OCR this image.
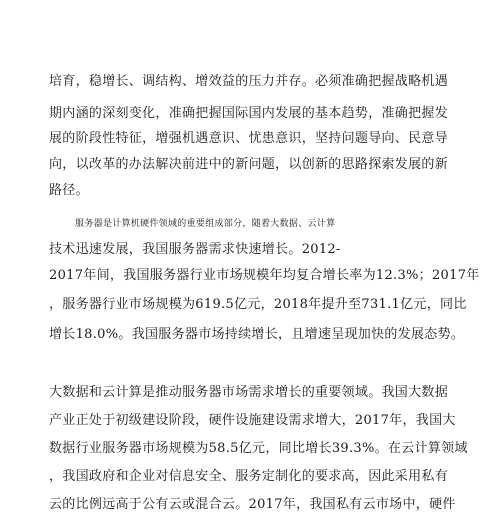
培育，稳增长、调结构、增效益的压力并存。必须准确把握战略机遇
期内涵的深刻变化，准确把握国际国内发展的基本趋势，准确把握发
展的阶段性特征，增强机遇意识、忧患意识，坚持问题导向、民意导
向，以改革的办法解决前进中的新问题，以创新的思路探索发展的新
路径。
服务器是计算机硬件领域的重要组成部分，随着大数据、云计算
技术迅速发展，我国服务器需求快速增长。2012-
2017年间，我国服务器行业市场规模年均复合增长率为12.3%；2017年
，服务器行业市场规模为619.5亿元，2018年提升至731.1亿元，同比
增长18.0%。我国服务器市场持续增长，且增速呈现加快的发展态势。
大数据和云计算是推动服务器市场需求增长的重要领域。我国大数据
产业正处于初级建设阶段，硬件设施建设需求增大，2017年，我国大
数据行业服务器市场规模为58.5亿元，同比增长39.3%。在云计算领域
，我国政府和企业对信息安全、服务定制化的要求高，因此采用私有
云的比例远高于公有云或混合云。2017年，我国私有云市场中，硬件
